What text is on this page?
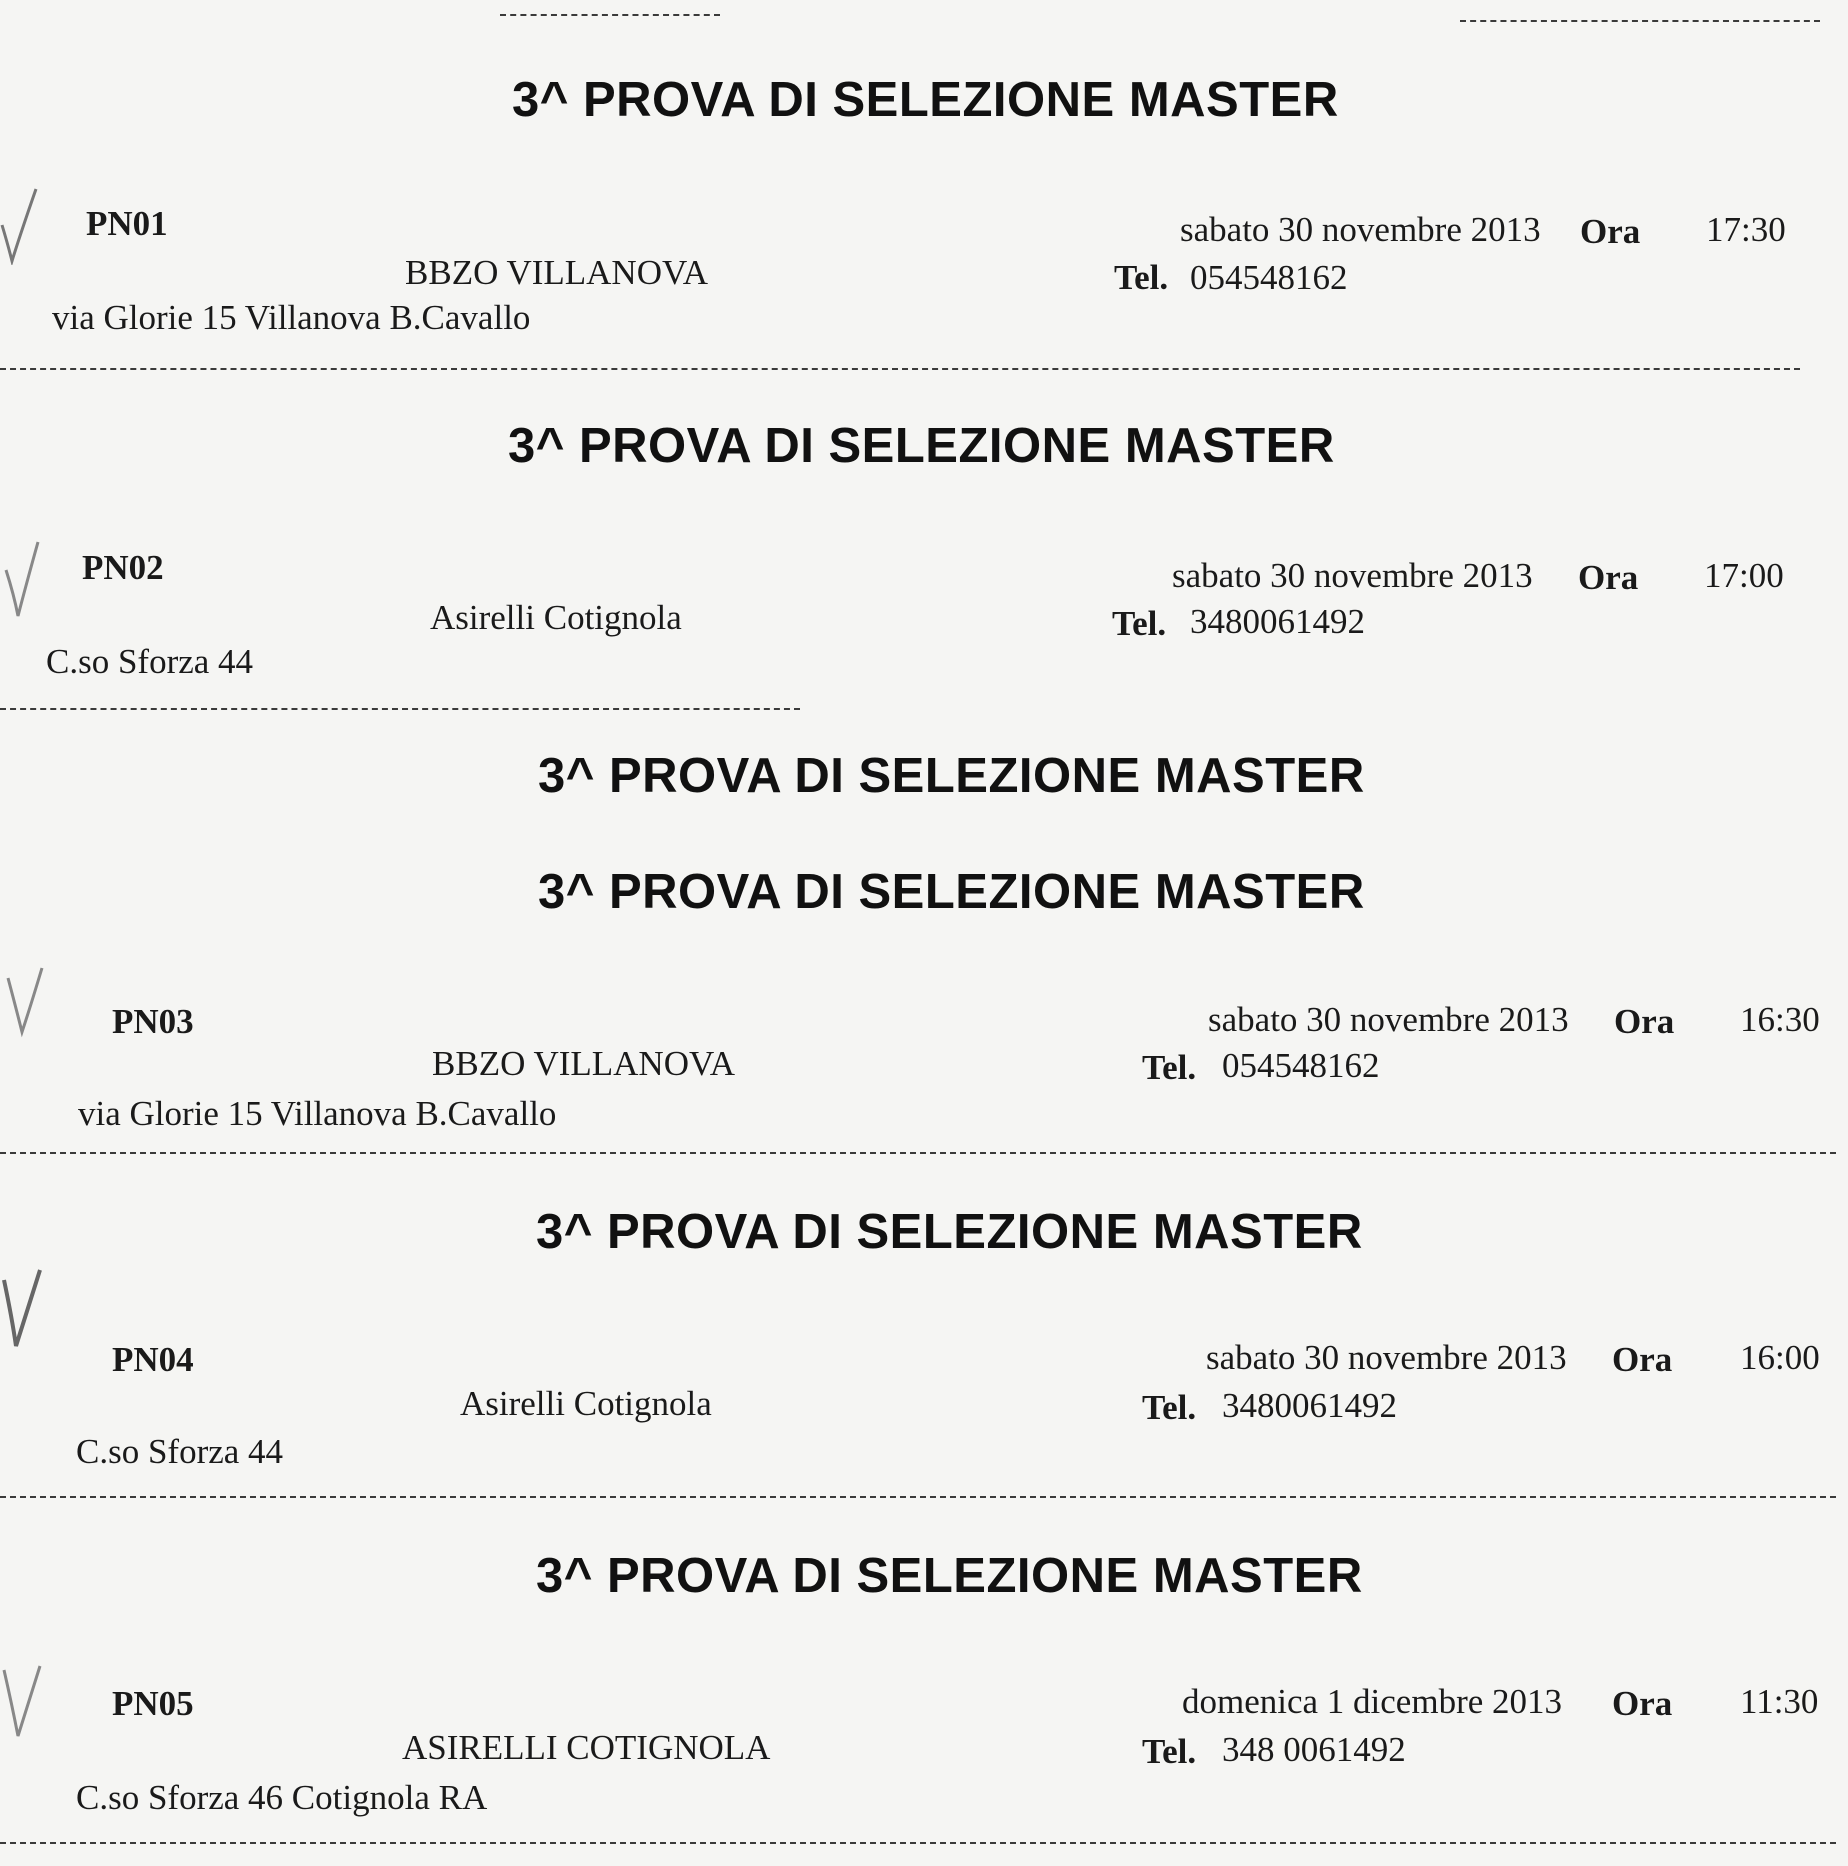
3^ PROVA DI SELEZIONE MASTER
PN01	sabato 30 novembre 2013 Ora 17:30
BBZO VILLANOVA	Tel. 054548162
via Glorie 15 Villanova B.Cavallo
3^ PROVA DI SELEZIONE MASTER
PN02	sabato 30 novembre 2013 Ora 17:00
Asirelli Cotignola	Tel. 3480061492
C.so Sforza 44
3^ PROVA DI SELEZIONE MASTER
3^ PROVA DI SELEZIONE MASTER
PN03	sabato 30 novembre 2013 Ora 16:30
BBZO VILLANOVA	Tel. 054548162
via Glorie 15 Villanova B.Cavallo
3^ PROVA DI SELEZIONE MASTER
PN04	sabato 30 novembre 2013 Ora 16:00
Asirelli Cotignola	Tel. 3480061492
C.so Sforza 44
3^ PROVA DI SELEZIONE MASTER
PN05	domenica 1 dicembre 2013 Ora 11:30
ASIRELLI COTIGNOLA	Tel. 348 0061492
C.so Sforza 46 Cotignola RA
